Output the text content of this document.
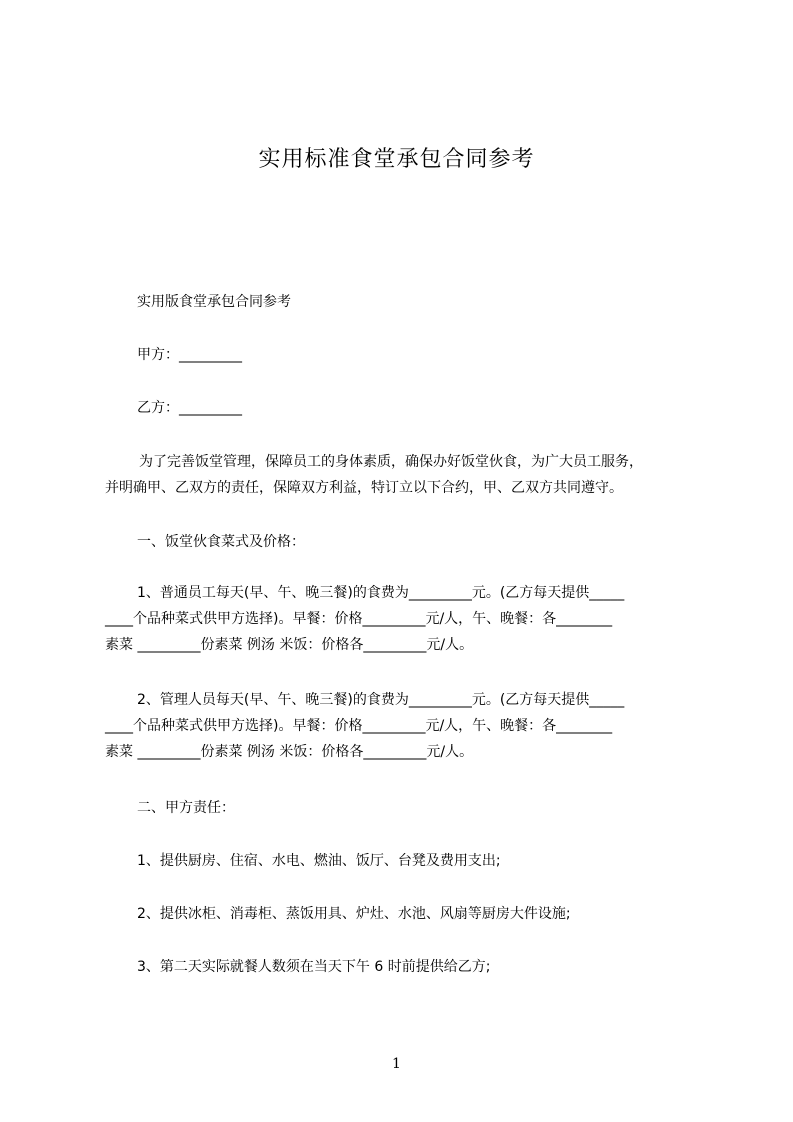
实用标准食堂承包合同参考
实用版食堂承包合同参考
甲方：_________
乙方：_________
为了完善饭堂管理，保障员工的身体素质，确保办好饭堂伙食，为广大员工服务，
并明确甲、乙双方的责任，保障双方利益，特订立以下合约，甲、乙双方共同遵守。
一、饭堂伙食菜式及价格：
1、普通员工每天(早、午、晚三餐)的食费为_________元。(乙方每天提供_____
____个品种菜式供甲方选择)。早餐：价格_________元/人，午、晚餐：各________
素菜 _________份素菜 例汤 米饭：价格各_________元/人。
2、管理人员每天(早、午、晚三餐)的食费为_________元。(乙方每天提供_____
____个品种菜式供甲方选择)。早餐：价格_________元/人，午、晚餐：各________
素菜 _________份素菜 例汤 米饭：价格各_________元/人。
二、甲方责任：
1、提供厨房、住宿、水电、燃油、饭厅、台凳及费用支出;
2、提供冰柜、消毒柜、蒸饭用具、炉灶、水池、风扇等厨房大件设施;
3、第二天实际就餐人数须在当天下午 6 时前提供给乙方;
1
